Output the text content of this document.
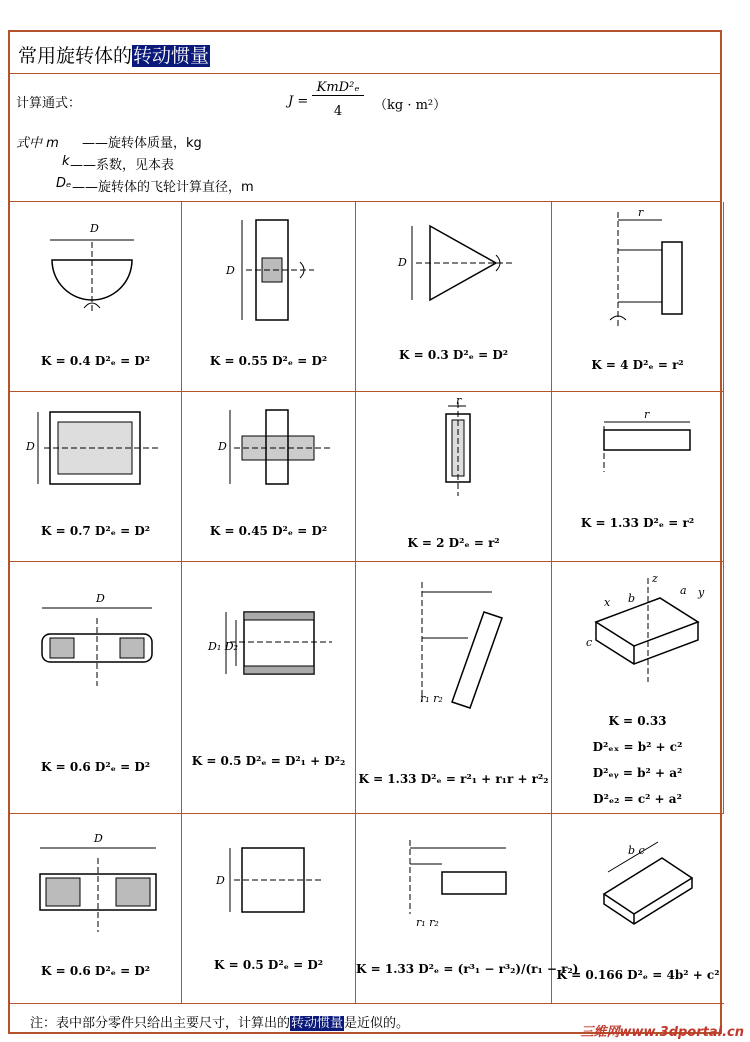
常用旋转体的转动惯量
计算通式：	J =
KmD²ₑ
4	（kg · m²）
式中 m ——旋转体质量，kg
k ——系数，见本表
Dₑ ——旋转体的飞轮计算直径，m
D
K = 0.4 D²ₑ = D²
D
K = 0.55 D²ₑ = D²
D
K = 0.3 D²ₑ = D²
r
K = 4 D²ₑ = r²
D
K = 0.7 D²ₑ = D²
D
K = 0.45 D²ₑ = D²
r
K = 2 D²ₑ = r²
r
K = 1.33 D²ₑ = r²
D
K = 0.6 D²ₑ = D²
D₁ D₂
K = 0.5 D²ₑ = D²₁ + D²₂
r₁ r₂
K = 1.33 D²ₑ = r²₁ + r₁r + r²₂
z
x
y
a
b
c
K = 0.33
D²ₑₓ = b² + c²
D²ₑᵧ = b² + a²
D²ₑ₂ = c² + a²
D
K = 0.6 D²ₑ = D²
D
K = 0.5 D²ₑ = D²
r₁ r₂
K = 1.33 D²ₑ = (r³₁ − r³₂)/(r₁ − r₂)
b c
K = 0.166 D²ₑ = 4b² + c²
注：表中部分零件只给出主要尺寸，计算出的转动惯量是近似的。
三维网www.3dportal.cn
